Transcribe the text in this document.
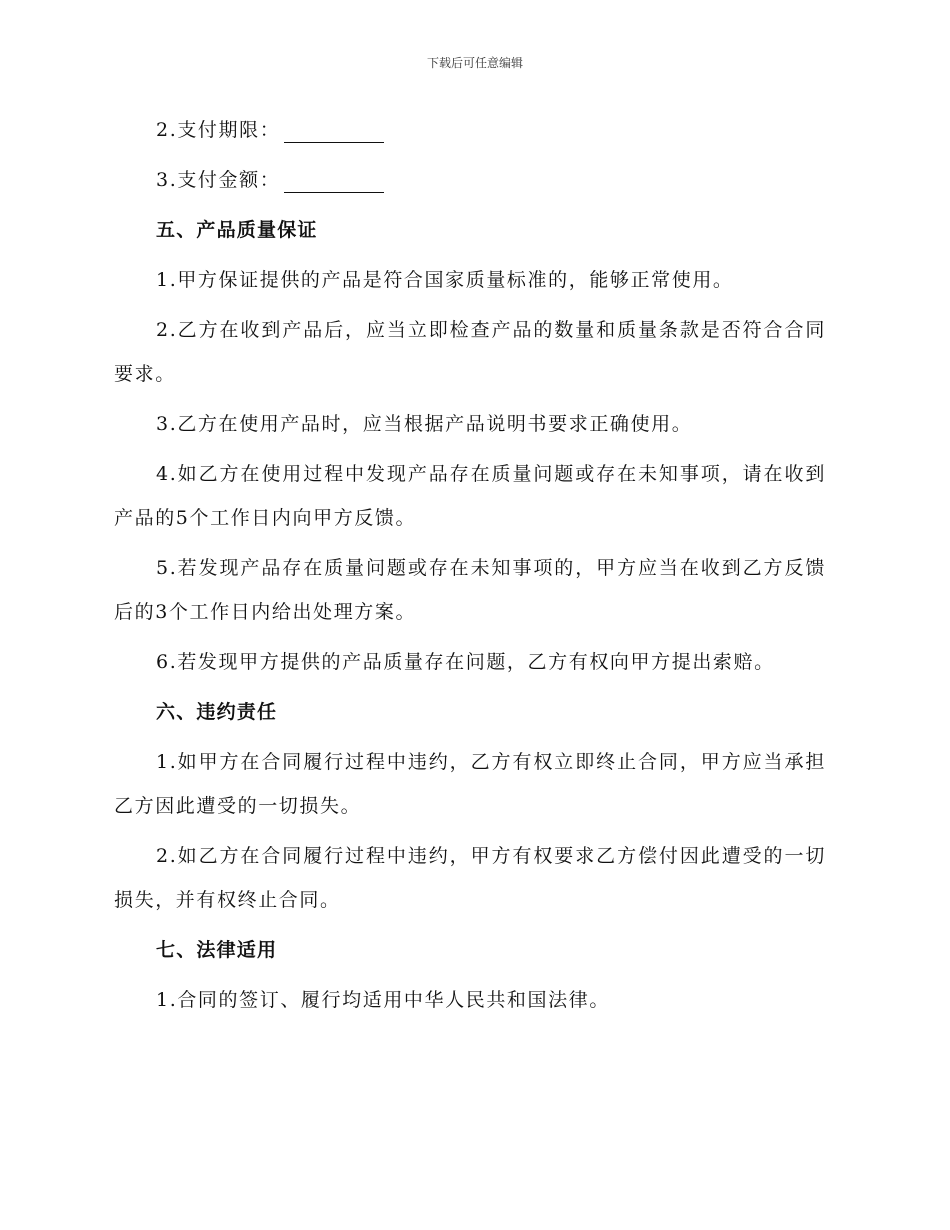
下载后可任意编辑
2.支付期限：
3.支付金额：
五、产品质量保证
1.甲方保证提供的产品是符合国家质量标准的，能够正常使用。
2.乙方在收到产品后，应当立即检查产品的数量和质量条款是否符合合同要求。
3.乙方在使用产品时，应当根据产品说明书要求正确使用。
4.如乙方在使用过程中发现产品存在质量问题或存在未知事项，请在收到产品的5个工作日内向甲方反馈。
5.若发现产品存在质量问题或存在未知事项的，甲方应当在收到乙方反馈后的3个工作日内给出处理方案。
6.若发现甲方提供的产品质量存在问题，乙方有权向甲方提出索赔。
六、违约责任
1.如甲方在合同履行过程中违约，乙方有权立即终止合同，甲方应当承担乙方因此遭受的一切损失。
2.如乙方在合同履行过程中违约，甲方有权要求乙方偿付因此遭受的一切损失，并有权终止合同。
七、法律适用
1.合同的签订、履行均适用中华人民共和国法律。
